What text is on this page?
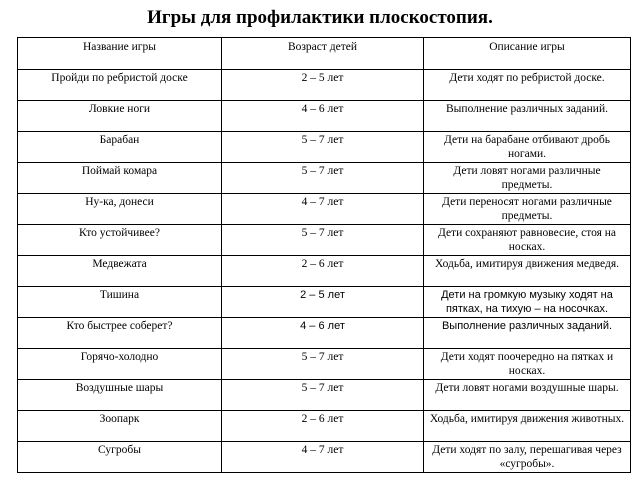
Игры для профилактики плоскостопия.
Название игры	Возраст детей	Описание игры
Пройди по ребристой доске	2 – 5 лет	Дети ходят по ребристой доске.
Ловкие ноги	4 – 6 лет	Выполнение различных заданий.
Барабан	5 – 7 лет	Дети на барабане отбивают дробь ногами.
Поймай комара	5 – 7 лет	Дети ловят ногами различные предметы.
Ну-ка, донеси	4 – 7 лет	Дети переносят ногами различные предметы.
Кто устойчивее?	5 – 7 лет	Дети сохраняют равновесие, стоя на носках.
Медвежата	2 – 6 лет	Ходьба, имитируя движения медведя.
Тишина	2 – 5 лет	Дети на громкую музыку ходят на пятках, на тихую – на носочках.
Кто быстрее соберет?	4 – 6 лет	Выполнение различных заданий.
Горячо-холодно	5 – 7 лет	Дети ходят поочередно на пятках и носках.
Воздушные шары	5 – 7 лет	Дети ловят ногами воздушные шары.
Зоопарк	2 – 6 лет	Ходьба, имитируя движения животных.
Сугробы	4 – 7 лет	Дети ходят по залу, перешагивая через «сугробы».
